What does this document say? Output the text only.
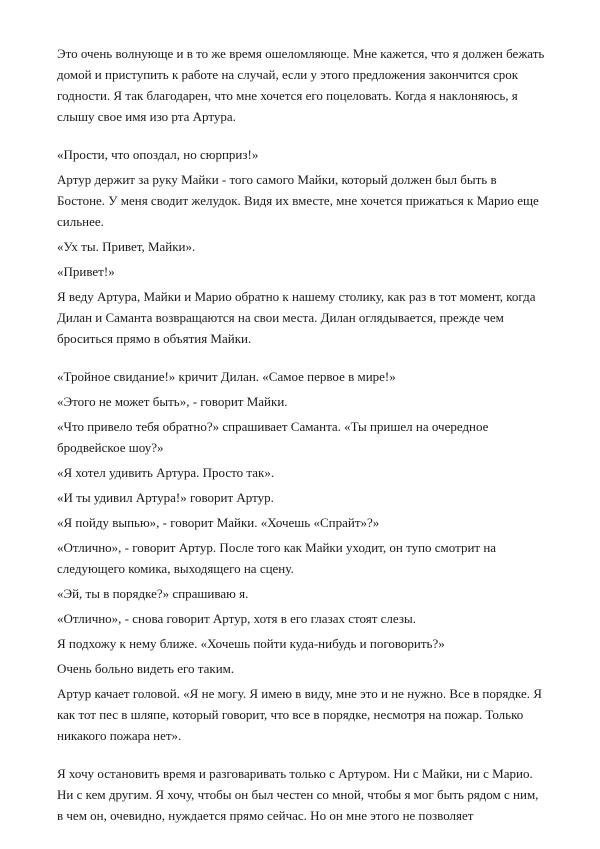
Это очень волнующе и в то же время ошеломляюще. Мне кажется, что я должен бежать домой и приступить к работе на случай, если у этого предложения закончится срок годности. Я так благодарен, что мне хочется его поцеловать. Когда я наклоняюсь, я слышу свое имя изо рта Артура.

«Прости, что опоздал, но сюрприз!»

Артур держит за руку Майки - того самого Майки, который должен был быть в Бостоне. У меня сводит желудок. Видя их вместе, мне хочется прижаться к Марио еще сильнее.

«Ух ты. Привет, Майки».

«Привет!»

Я веду Артура, Майки и Марио обратно к нашему столику, как раз в тот момент, когда Дилан и Саманта возвращаются на свои места. Дилан оглядывается, прежде чем броситься прямо в объятия Майки.

«Тройное свидание!» кричит Дилан. «Самое первое в мире!»

«Этого не может быть», - говорит Майки.

«Что привело тебя обратно?» спрашивает Саманта. «Ты пришел на очередное бродвейское шоу?»

«Я хотел удивить Артура. Просто так».

«И ты удивил Артура!» говорит Артур.

«Я пойду выпью», - говорит Майки. «Хочешь «Спрайт»?»

«Отлично», - говорит Артур. После того как Майки уходит, он тупо смотрит на следующего комика, выходящего на сцену.

«Эй, ты в порядке?» спрашиваю я.

«Отлично», - снова говорит Артур, хотя в его глазах стоят слезы.

Я подхожу к нему ближе. «Хочешь пойти куда-нибудь и поговорить?»

Очень больно видеть его таким.

Артур качает головой. «Я не могу. Я имею в виду, мне это и не нужно. Все в порядке. Я как тот пес в шляпе, который говорит, что все в порядке, несмотря на пожар. Только никакого пожара нет».

Я хочу остановить время и разговаривать только с Артуром. Ни с Майки, ни с Марио. Ни с кем другим. Я хочу, чтобы он был честен со мной, чтобы я мог быть рядом с ним, в чем он, очевидно, нуждается прямо сейчас. Но он мне этого не позволяет
